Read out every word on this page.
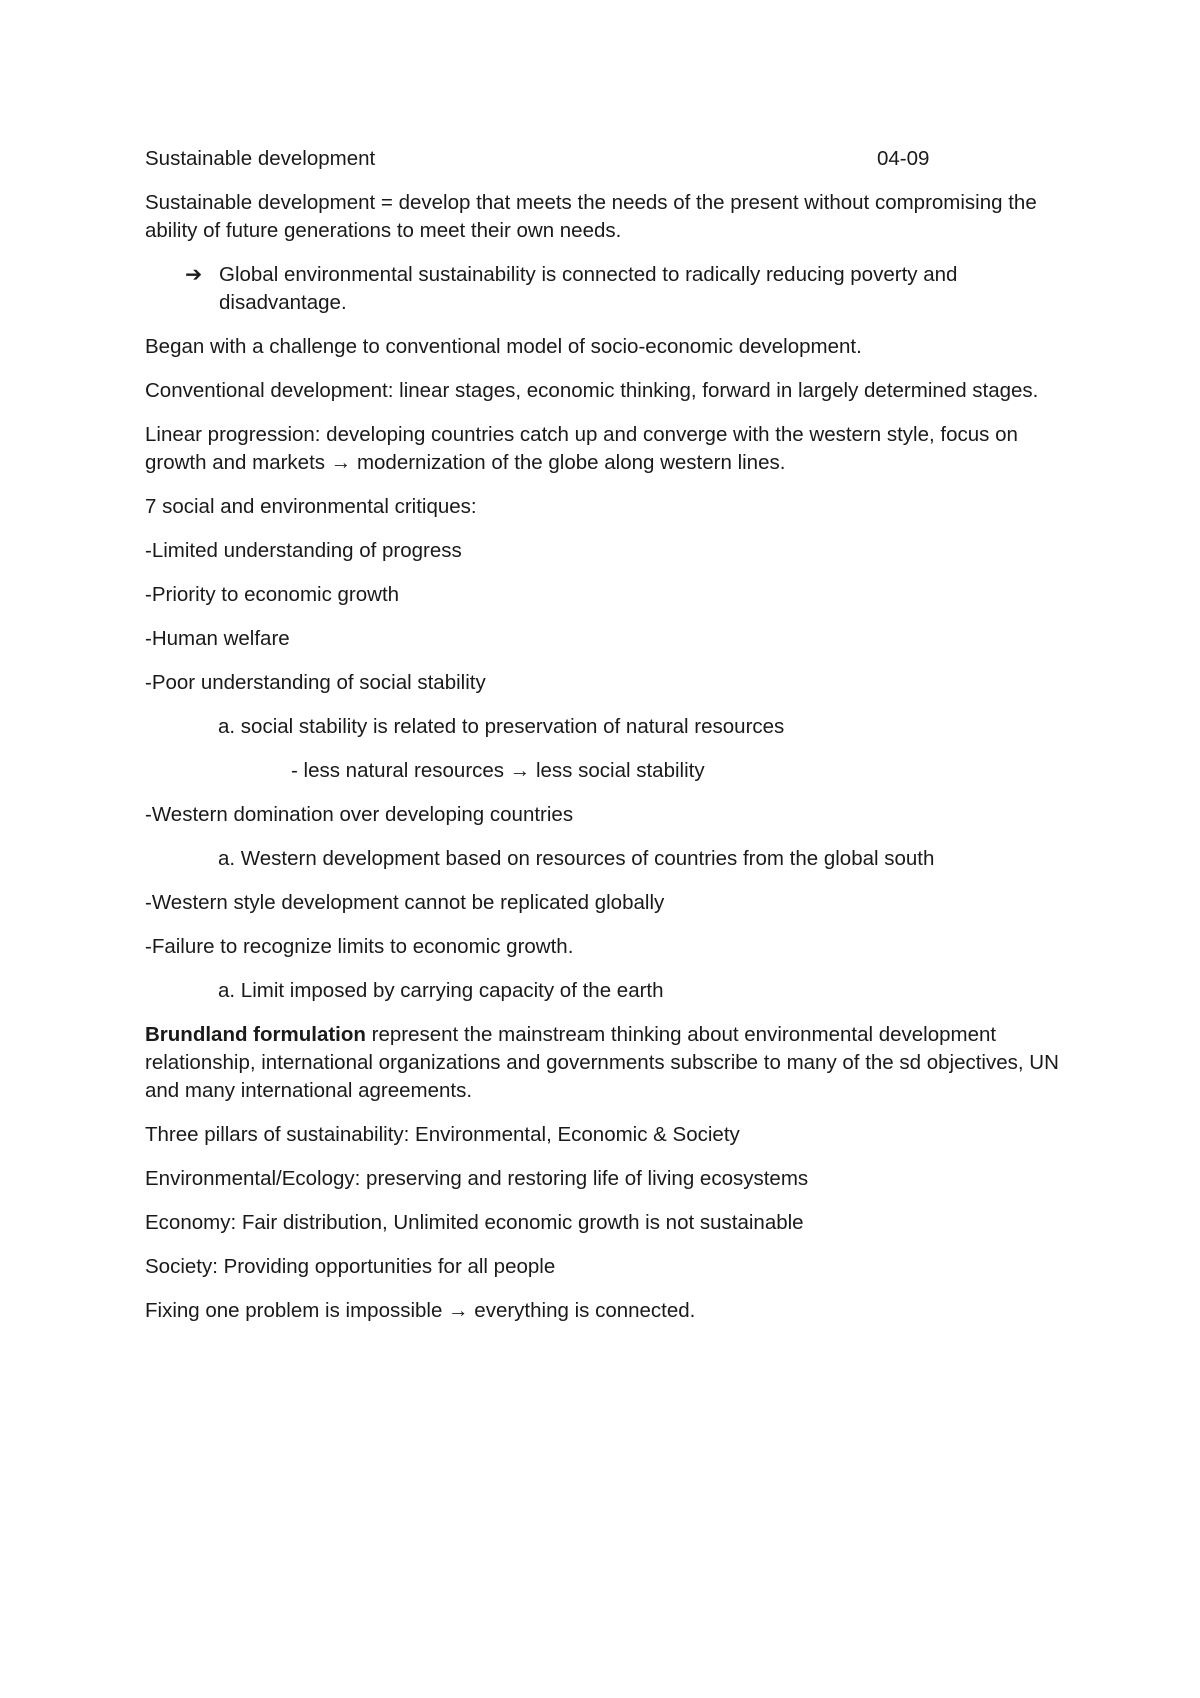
Sustainable development	04-09

Sustainable development = develop that meets the needs of the present without compromising the ability of future generations to meet their own needs.

➔ Global environmental sustainability is connected to radically reducing poverty and disadvantage.

Began with a challenge to conventional model of socio-economic development.

Conventional development: linear stages, economic thinking, forward in largely determined stages.

Linear progression: developing countries catch up and converge with the western style, focus on growth and markets → modernization of the globe along western lines.

7 social and environmental critiques:

-Limited understanding of progress

-Priority to economic growth

-Human welfare

-Poor understanding of social stability

a. social stability is related to preservation of natural resources

- less natural resources → less social stability

-Western domination over developing countries

a. Western development based on resources of countries from the global south

-Western style development cannot be replicated globally

-Failure to recognize limits to economic growth.

a. Limit imposed by carrying capacity of the earth

Brundland formulation represent the mainstream thinking about environmental development relationship, international organizations and governments subscribe to many of the sd objectives, UN and many international agreements.

Three pillars of sustainability: Environmental, Economic & Society

Environmental/Ecology: preserving and restoring life of living ecosystems

Economy: Fair distribution, Unlimited economic growth is not sustainable

Society: Providing opportunities for all people

Fixing one problem is impossible → everything is connected.
